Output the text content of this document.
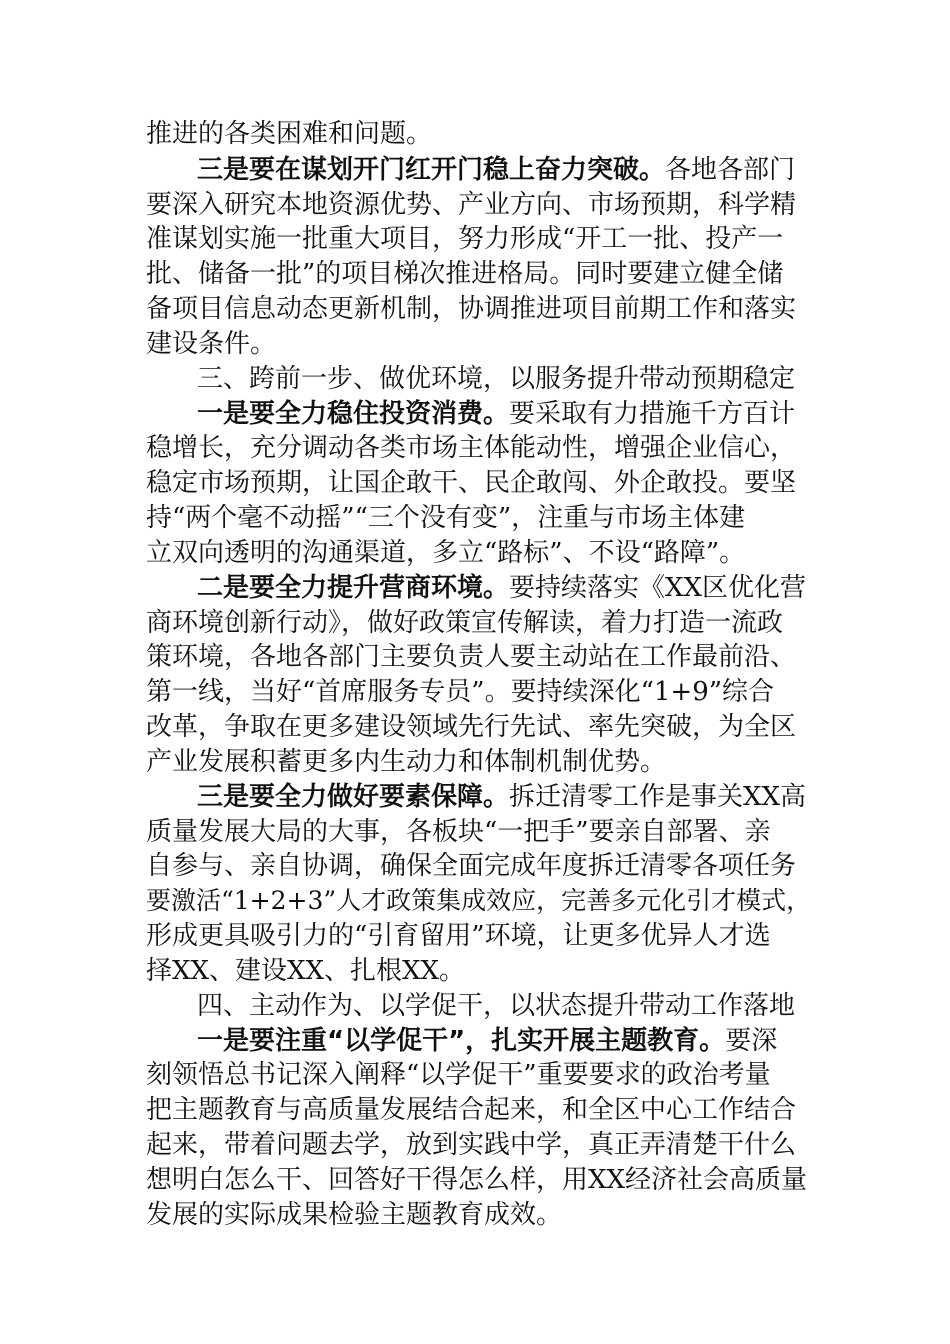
推进的各类困难和问题。
三是要在谋划开门红开门稳上奋力突破。各地各部门
要深入研究本地资源优势、产业方向、市场预期，科学精
准谋划实施一批重大项目，努力形成“开工一批、投产一
批、储备一批”的项目梯次推进格局。同时要建立健全储
备项目信息动态更新机制，协调推进项目前期工作和落实
建设条件。
三、跨前一步、做优环境，以服务提升带动预期稳定
一是要全力稳住投资消费。要采取有力措施千方百计
稳增长，充分调动各类市场主体能动性，增强企业信心，
稳定市场预期，让国企敢干、民企敢闯、外企敢投。要坚
持“两个毫不动摇”“三个没有变”，注重与市场主体建
立双向透明的沟通渠道，多立“路标”、不设“路障”。
二是要全力提升营商环境。要持续落实《XX区优化营
商环境创新行动》，做好政策宣传解读，着力打造一流政
策环境，各地各部门主要负责人要主动站在工作最前沿、
第一线，当好“首席服务专员”。要持续深化“1+9”综合
改革，争取在更多建设领域先行先试、率先突破，为全区
产业发展积蓄更多内生动力和体制机制优势。
三是要全力做好要素保障。拆迁清零工作是事关XX高
质量发展大局的大事，各板块“一把手”要亲自部署、亲
自参与、亲自协调，确保全面完成年度拆迁清零各项任务
要激活“1+2+3”人才政策集成效应，完善多元化引才模式，
形成更具吸引力的“引育留用”环境，让更多优异人才选
择XX、建设XX、扎根XX。
四、主动作为、以学促干，以状态提升带动工作落地
一是要注重“以学促干”，扎实开展主题教育。要深
刻领悟总书记深入阐释“以学促干”重要要求的政治考量
把主题教育与高质量发展结合起来，和全区中心工作结合
起来，带着问题去学，放到实践中学，真正弄清楚干什么
想明白怎么干、回答好干得怎么样，用XX经济社会高质量
发展的实际成果检验主题教育成效。
